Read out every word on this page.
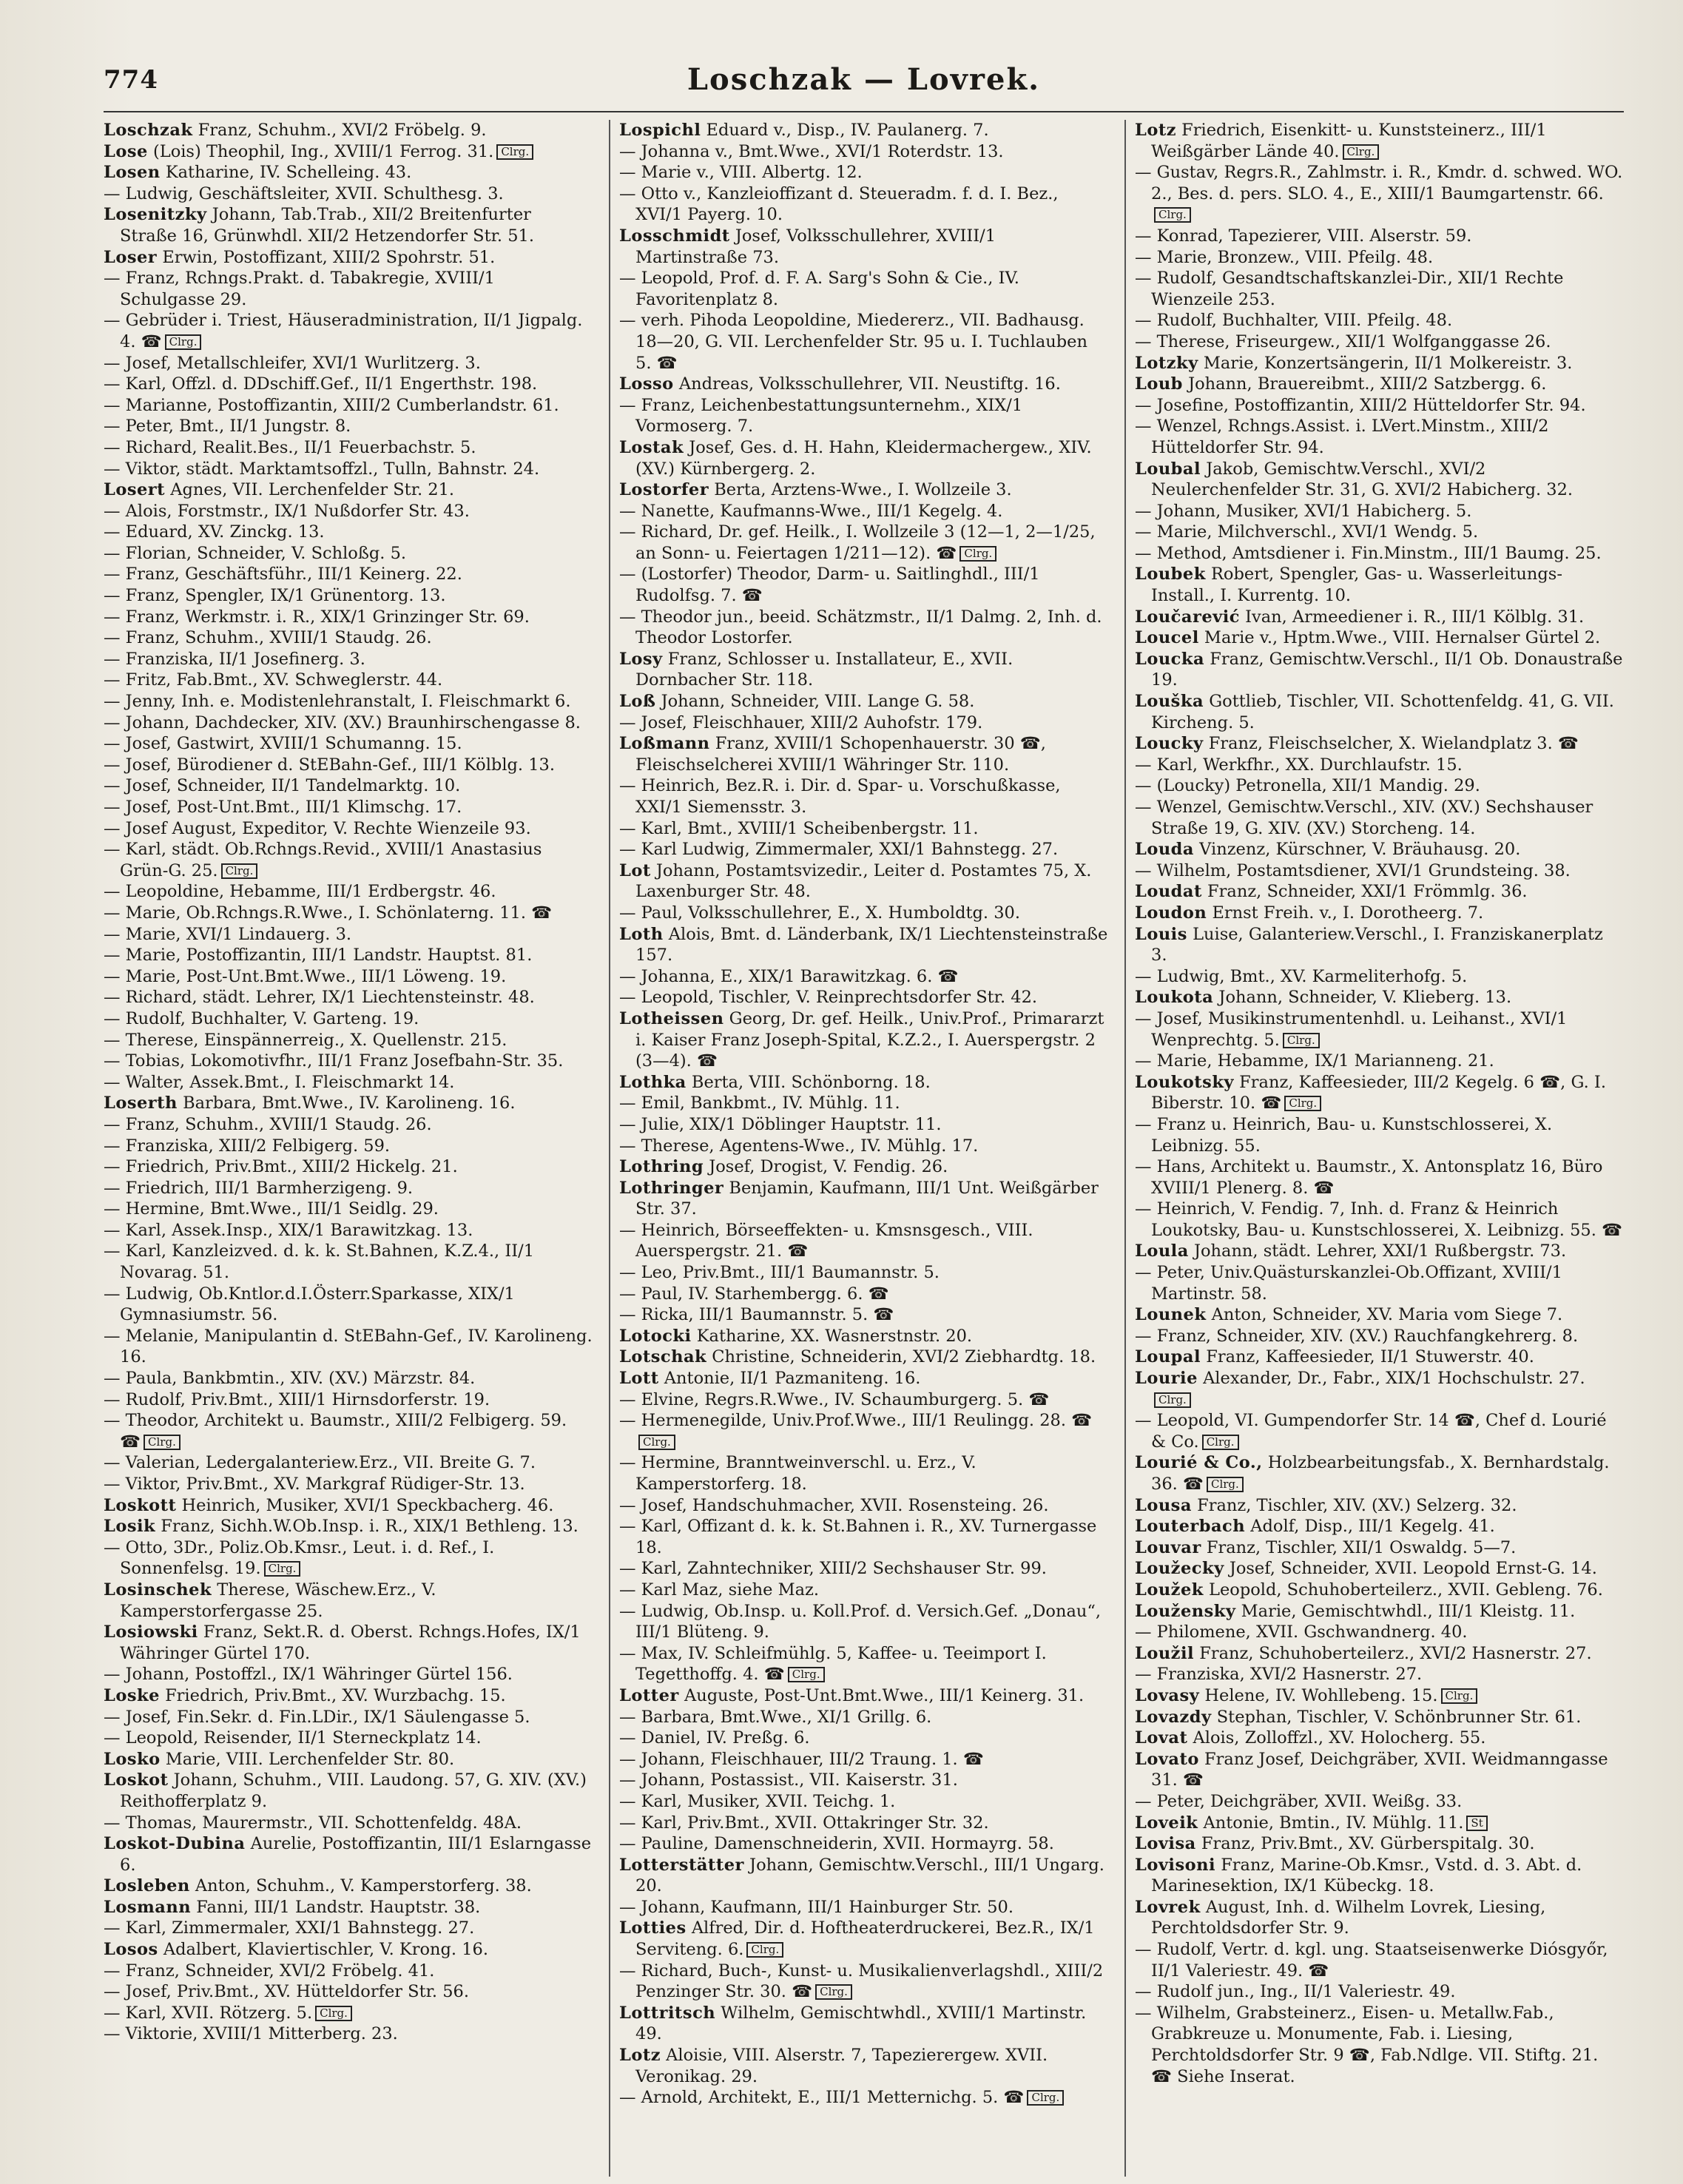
774	Loschzak — Lovrek.

Loschzak Franz, Schuhm., XVI/2 Fröbelg. 9.

Lose (Lois) Theophil, Ing., XVIII/1 Ferrog. 31. Clrg.

Losen Katharine, IV. Schelleing. 43.

— Ludwig, Geschäftsleiter, XVII. Schulthesg. 3.

Losenitzky Johann, Tab.Trab., XII/2 Breitenfurter Straße 16, Grünwhdl. XII/2 Hetzendorfer Str. 51.

Loser Erwin, Postoffizant, XIII/2 Spohrstr. 51.

— Franz, Rchngs.Prakt. d. Tabakregie, XVIII/1 Schulgasse 29.

— Gebrüder i. Triest, Häuseradministration, II/1 Jigpalg. 4. ☎ Clrg.

— Josef, Metallschleifer, XVI/1 Wurlitzerg. 3.

— Karl, Offzl. d. DDschiff.Gef., II/1 Engerthstr. 198.

— Marianne, Postoffizantin, XIII/2 Cumberlandstr. 61.

— Peter, Bmt., II/1 Jungstr. 8.

— Richard, Realit.Bes., II/1 Feuerbachstr. 5.

— Viktor, städt. Marktamtsoffzl., Tulln, Bahnstr. 24.

Losert Agnes, VII. Lerchenfelder Str. 21.

— Alois, Forstmstr., IX/1 Nußdorfer Str. 43.

— Eduard, XV. Zinckg. 13.

— Florian, Schneider, V. Schloßg. 5.

— Franz, Geschäftsführ., III/1 Keinerg. 22.

— Franz, Spengler, IX/1 Grünentorg. 13.

— Franz, Werkmstr. i. R., XIX/1 Grinzinger Str. 69.

— Franz, Schuhm., XVIII/1 Staudg. 26.

— Franziska, II/1 Josefinerg. 3.

— Fritz, Fab.Bmt., XV. Schweglerstr. 44.

— Jenny, Inh. e. Modistenlehranstalt, I. Fleischmarkt 6.

— Johann, Dachdecker, XIV. (XV.) Braunhirschengasse 8.

— Josef, Gastwirt, XVIII/1 Schumanng. 15.

— Josef, Bürodiener d. StEBahn-Gef., III/1 Kölblg. 13.

— Josef, Schneider, II/1 Tandelmarktg. 10.

— Josef, Post-Unt.Bmt., III/1 Klimschg. 17.

— Josef August, Expeditor, V. Rechte Wienzeile 93.

— Karl, städt. Ob.Rchngs.Revid., XVIII/1 Anastasius Grün-G. 25. Clrg.

— Leopoldine, Hebamme, III/1 Erdbergstr. 46.

— Marie, Ob.Rchngs.R.Wwe., I. Schönlaterng. 11. ☎

— Marie, XVI/1 Lindauerg. 3.

— Marie, Postoffizantin, III/1 Landstr. Hauptst. 81.

— Marie, Post-Unt.Bmt.Wwe., III/1 Löweng. 19.

— Richard, städt. Lehrer, IX/1 Liechtensteinstr. 48.

— Rudolf, Buchhalter, V. Garteng. 19.

— Therese, Einspännerreig., X. Quellenstr. 215.

— Tobias, Lokomotivfhr., III/1 Franz Josefbahn-Str. 35.

— Walter, Assek.Bmt., I. Fleischmarkt 14.

Loserth Barbara, Bmt.Wwe., IV. Karolineng. 16.

— Franz, Schuhm., XVIII/1 Staudg. 26.

— Franziska, XIII/2 Felbigerg. 59.

— Friedrich, Priv.Bmt., XIII/2 Hickelg. 21.

— Friedrich, III/1 Barmherzigeng. 9.

— Hermine, Bmt.Wwe., III/1 Seidlg. 29.

— Karl, Assek.Insp., XIX/1 Barawitzkag. 13.

— Karl, Kanzleizved. d. k. k. St.Bahnen, K.Z.4., II/1 Novarag. 51.

— Ludwig, Ob.Kntlor.d.I.Österr.Sparkasse, XIX/1 Gymnasiumstr. 56.

— Melanie, Manipulantin d. StEBahn-Gef., IV. Karolineng. 16.

— Paula, Bankbmtin., XIV. (XV.) Märzstr. 84.

— Rudolf, Priv.Bmt., XIII/1 Hirnsdorferstr. 19.

— Theodor, Architekt u. Baumstr., XIII/2 Felbigerg. 59. ☎ Clrg.

— Valerian, Ledergalanteriew.Erz., VII. Breite G. 7.

— Viktor, Priv.Bmt., XV. Markgraf Rüdiger-Str. 13.

Loskott Heinrich, Musiker, XVI/1 Speckbacherg. 46.

Losik Franz, Sichh.W.Ob.Insp. i. R., XIX/1 Bethleng. 13.

— Otto, 3Dr., Poliz.Ob.Kmsr., Leut. i. d. Ref., I. Sonnenfelsg. 19. Clrg.

Losinschek Therese, Wäschew.Erz., V. Kamperstorfergasse 25.

Losiowski Franz, Sekt.R. d. Oberst. Rchngs.Hofes, IX/1 Währinger Gürtel 170.

— Johann, Postoffzl., IX/1 Währinger Gürtel 156.

Loske Friedrich, Priv.Bmt., XV. Wurzbachg. 15.

— Josef, Fin.Sekr. d. Fin.LDir., IX/1 Säulengasse 5.

— Leopold, Reisender, II/1 Sterneckplatz 14.

Losko Marie, VIII. Lerchenfelder Str. 80.

Loskot Johann, Schuhm., VIII. Laudong. 57, G. XIV. (XV.) Reithofferplatz 9.

— Thomas, Maurermstr., VII. Schottenfeldg. 48A.

Loskot-Dubina Aurelie, Postoffizantin, III/1 Eslarngasse 6.

Losleben Anton, Schuhm., V. Kamperstorferg. 38.

Losmann Fanni, III/1 Landstr. Hauptstr. 38.

— Karl, Zimmermaler, XXI/1 Bahnstegg. 27.

Losos Adalbert, Klaviertischler, V. Krong. 16.

— Franz, Schneider, XVI/2 Fröbelg. 41.

— Josef, Priv.Bmt., XV. Hütteldorfer Str. 56.

— Karl, XVII. Rötzerg. 5. Clrg.

— Viktorie, XVIII/1 Mitterberg. 23.

Lospichl Eduard v., Disp., IV. Paulanerg. 7.

— Johanna v., Bmt.Wwe., XVI/1 Roterdstr. 13.

— Marie v., VIII. Albertg. 12.

— Otto v., Kanzleioffizant d. Steueradm. f. d. I. Bez., XVI/1 Payerg. 10.

Losschmidt Josef, Volksschullehrer, XVIII/1 Martinstraße 73.

— Leopold, Prof. d. F. A. Sarg's Sohn & Cie., IV. Favoritenplatz 8.

— verh. Pihoda Leopoldine, Miedererz., VII. Badhausg. 18—20, G. VII. Lerchenfelder Str. 95 u. I. Tuchlauben 5. ☎

Losso Andreas, Volksschullehrer, VII. Neustiftg. 16.

— Franz, Leichenbestattungsunternehm., XIX/1 Vormoserg. 7.

Lostak Josef, Ges. d. H. Hahn, Kleidermachergew., XIV. (XV.) Kürnbergerg. 2.

Lostorfer Berta, Arztens-Wwe., I. Wollzeile 3.

— Nanette, Kaufmanns-Wwe., III/1 Kegelg. 4.

— Richard, Dr. gef. Heilk., I. Wollzeile 3 (12—1, 2—1/25, an Sonn- u. Feiertagen 1/211—12). ☎ Clrg.

— (Lostorfer) Theodor, Darm- u. Saitlinghdl., III/1 Rudolfsg. 7. ☎

— Theodor jun., beeid. Schätzmstr., II/1 Dalmg. 2, Inh. d. Theodor Lostorfer.

Losy Franz, Schlosser u. Installateur, E., XVII. Dornbacher Str. 118.

Loß Johann, Schneider, VIII. Lange G. 58.

— Josef, Fleischhauer, XIII/2 Auhofstr. 179.

Loßmann Franz, XVIII/1 Schopenhauerstr. 30 ☎, Fleischselcherei XVIII/1 Währinger Str. 110.

— Heinrich, Bez.R. i. Dir. d. Spar- u. Vorschußkasse, XXI/1 Siemensstr. 3.

— Karl, Bmt., XVIII/1 Scheibenbergstr. 11.

— Karl Ludwig, Zimmermaler, XXI/1 Bahnstegg. 27.

Lot Johann, Postamtsvizedir., Leiter d. Postamtes 75, X. Laxenburger Str. 48.

— Paul, Volksschullehrer, E., X. Humboldtg. 30.

Loth Alois, Bmt. d. Länderbank, IX/1 Liechtensteinstraße 157.

— Johanna, E., XIX/1 Barawitzkag. 6. ☎

— Leopold, Tischler, V. Reinprechtsdorfer Str. 42.

Lotheissen Georg, Dr. gef. Heilk., Univ.Prof., Primararzt i. Kaiser Franz Joseph-Spital, K.Z.2., I. Auerspergstr. 2 (3—4). ☎

Lothka Berta, VIII. Schönborng. 18.

— Emil, Bankbmt., IV. Mühlg. 11.

— Julie, XIX/1 Döblinger Hauptstr. 11.

— Therese, Agentens-Wwe., IV. Mühlg. 17.

Lothring Josef, Drogist, V. Fendig. 26.

Lothringer Benjamin, Kaufmann, III/1 Unt. Weißgärber Str. 37.

— Heinrich, Börseeffekten- u. Kmsnsgesch., VIII. Auerspergstr. 21. ☎

— Leo, Priv.Bmt., III/1 Baumannstr. 5.

— Paul, IV. Starhembergg. 6. ☎

— Ricka, III/1 Baumannstr. 5. ☎

Lotocki Katharine, XX. Wasnerstnstr. 20.

Lotschak Christine, Schneiderin, XVI/2 Ziebhardtg. 18.

Lott Antonie, II/1 Pazmaniteng. 16.

— Elvine, Regrs.R.Wwe., IV. Schaumburgerg. 5. ☎

— Hermenegilde, Univ.Prof.Wwe., III/1 Reulingg. 28. ☎Clrg.

— Hermine, Branntweinverschl. u. Erz., V. Kamperstorferg. 18.

— Josef, Handschuhmacher, XVII. Rosensteing. 26.

— Karl, Offizant d. k. k. St.Bahnen i. R., XV. Turnergasse 18.

— Karl, Zahntechniker, XIII/2 Sechshauser Str. 99.

— Karl Maz, siehe Maz.

— Ludwig, Ob.Insp. u. Koll.Prof. d. Versich.Gef. „Donau“, III/1 Blüteng. 9.

— Max, IV. Schleifmühlg. 5, Kaffee- u. Teeimport I. Tegetthoffg. 4. ☎ Clrg.

Lotter Auguste, Post-Unt.Bmt.Wwe., III/1 Keinerg. 31.

— Barbara, Bmt.Wwe., XI/1 Grillg. 6.

— Daniel, IV. Preßg. 6.

— Johann, Fleischhauer, III/2 Traung. 1. ☎

— Johann, Postassist., VII. Kaiserstr. 31.

— Karl, Musiker, XVII. Teichg. 1.

— Karl, Priv.Bmt., XVII. Ottakringer Str. 32.

— Pauline, Damenschneiderin, XVII. Hormayrg. 58.

Lotterstätter Johann, Gemischtw.Verschl., III/1 Ungarg. 20.

— Johann, Kaufmann, III/1 Hainburger Str. 50.

Lotties Alfred, Dir. d. Hoftheaterdruckerei, Bez.R., IX/1 Serviteng. 6. Clrg.

— Richard, Buch-, Kunst- u. Musikalienverlagshdl., XIII/2 Penzinger Str. 30. ☎ Clrg.

Lottritsch Wilhelm, Gemischtwhdl., XVIII/1 Martinstr. 49.

Lotz Aloisie, VIII. Alserstr. 7, Tapezierergew. XVII. Veronikag. 29.

— Arnold, Architekt, E., III/1 Metternichg. 5. ☎ Clrg.

Lotz Friedrich, Eisenkitt- u. Kunststeinerz., III/1 Weißgärber Lände 40. Clrg.

— Gustav, Regrs.R., Zahlmstr. i. R., Kmdr. d. schwed. WO. 2., Bes. d. pers. SLO. 4., E., XIII/1 Baumgartenstr. 66.Clrg.

— Konrad, Tapezierer, VIII. Alserstr. 59.

— Marie, Bronzew., VIII. Pfeilg. 48.

— Rudolf, Gesandtschaftskanzlei-Dir., XII/1 Rechte Wienzeile 253.

— Rudolf, Buchhalter, VIII. Pfeilg. 48.

— Therese, Friseurgew., XII/1 Wolfganggasse 26.

Lotzky Marie, Konzertsängerin, II/1 Molkereistr. 3.

Loub Johann, Brauereibmt., XIII/2 Satzbergg. 6.

— Josefine, Postoffizantin, XIII/2 Hütteldorfer Str. 94.

— Wenzel, Rchngs.Assist. i. LVert.Minstm., XIII/2 Hütteldorfer Str. 94.

Loubal Jakob, Gemischtw.Verschl., XVI/2 Neulerchenfelder Str. 31, G. XVI/2 Habicherg. 32.

— Johann, Musiker, XVI/1 Habicherg. 5.

— Marie, Milchverschl., XVI/1 Wendg. 5.

— Method, Amtsdiener i. Fin.Minstm., III/1 Baumg. 25.

Loubek Robert, Spengler, Gas- u. Wasserleitungs-Install., I. Kurrentg. 10.

Loučarević Ivan, Armeediener i. R., III/1 Kölblg. 31.

Loucel Marie v., Hptm.Wwe., VIII. Hernalser Gürtel 2.

Loucka Franz, Gemischtw.Verschl., II/1 Ob. Donaustraße 19.

Louška Gottlieb, Tischler, VII. Schottenfeldg. 41, G. VII. Kircheng. 5.

Loucky Franz, Fleischselcher, X. Wielandplatz 3. ☎

— Karl, Werkfhr., XX. Durchlaufstr. 15.

— (Loucky) Petronella, XII/1 Mandig. 29.

— Wenzel, Gemischtw.Verschl., XIV. (XV.) Sechshauser Straße 19, G. XIV. (XV.) Storcheng. 14.

Louda Vinzenz, Kürschner, V. Bräuhausg. 20.

— Wilhelm, Postamtsdiener, XVI/1 Grundsteing. 38.

Loudat Franz, Schneider, XXI/1 Frömmlg. 36.

Loudon Ernst Freih. v., I. Dorotheerg. 7.

Louis Luise, Galanteriew.Verschl., I. Franziskanerplatz 3.

— Ludwig, Bmt., XV. Karmeliterhofg. 5.

Loukota Johann, Schneider, V. Klieberg. 13.

— Josef, Musikinstrumentenhdl. u. Leihanst., XVI/1 Wenprechtg. 5. Clrg.

— Marie, Hebamme, IX/1 Marianneng. 21.

Loukotsky Franz, Kaffeesieder, III/2 Kegelg. 6 ☎, G. I. Biberstr. 10. ☎ Clrg.

— Franz u. Heinrich, Bau- u. Kunstschlosserei, X. Leibnizg. 55.

— Hans, Architekt u. Baumstr., X. Antonsplatz 16, Büro XVIII/1 Plenerg. 8. ☎

— Heinrich, V. Fendig. 7, Inh. d. Franz & Heinrich Loukotsky, Bau- u. Kunstschlosserei, X. Leibnizg. 55. ☎

Loula Johann, städt. Lehrer, XXI/1 Rußbergstr. 73.

— Peter, Univ.Quästurskanzlei-Ob.Offizant, XVIII/1 Martinstr. 58.

Lounek Anton, Schneider, XV. Maria vom Siege 7.

— Franz, Schneider, XIV. (XV.) Rauchfangkehrerg. 8.

Loupal Franz, Kaffeesieder, II/1 Stuwerstr. 40.

Lourie Alexander, Dr., Fabr., XIX/1 Hochschulstr. 27.Clrg.

— Leopold, VI. Gumpendorfer Str. 14 ☎, Chef d. Lourié & Co. Clrg.

Lourié & Co., Holzbearbeitungsfab., X. Bernhardstalg. 36. ☎ Clrg.

Lousa Franz, Tischler, XIV. (XV.) Selzerg. 32.

Louterbach Adolf, Disp., III/1 Kegelg. 41.

Louvar Franz, Tischler, XII/1 Oswaldg. 5—7.

Loužecky Josef, Schneider, XVII. Leopold Ernst-G. 14.

Loužek Leopold, Schuhoberteilerz., XVII. Gebleng. 76.

Loužensky Marie, Gemischtwhdl., III/1 Kleistg. 11.

— Philomene, XVII. Gschwandnerg. 40.

Loužil Franz, Schuhoberteilerz., XVI/2 Hasnerstr. 27.

— Franziska, XVI/2 Hasnerstr. 27.

Lovasy Helene, IV. Wohllebeng. 15. Clrg.

Lovazdy Stephan, Tischler, V. Schönbrunner Str. 61.

Lovat Alois, Zolloffzl., XV. Holocherg. 55.

Lovato Franz Josef, Deichgräber, XVII. Weidmanngasse 31. ☎

— Peter, Deichgräber, XVII. Weißg. 33.

Loveik Antonie, Bmtin., IV. Mühlg. 11. St

Lovisa Franz, Priv.Bmt., XV. Gürberspitalg. 30.

Lovisoni Franz, Marine-Ob.Kmsr., Vstd. d. 3. Abt. d. Marinesektion, IX/1 Kübeckg. 18.

Lovrek August, Inh. d. Wilhelm Lovrek, Liesing, Perchtoldsdorfer Str. 9.

— Rudolf, Vertr. d. kgl. ung. Staatseisenwerke Diósgyőr, II/1 Valeriestr. 49. ☎

— Rudolf jun., Ing., II/1 Valeriestr. 49.

— Wilhelm, Grabsteinerz., Eisen- u. Metallw.Fab., Grabkreuze u. Monumente, Fab. i. Liesing, Perchtoldsdorfer Str. 9 ☎, Fab.Ndlge. VII. Stiftg. 21. ☎ Siehe Inserat.
